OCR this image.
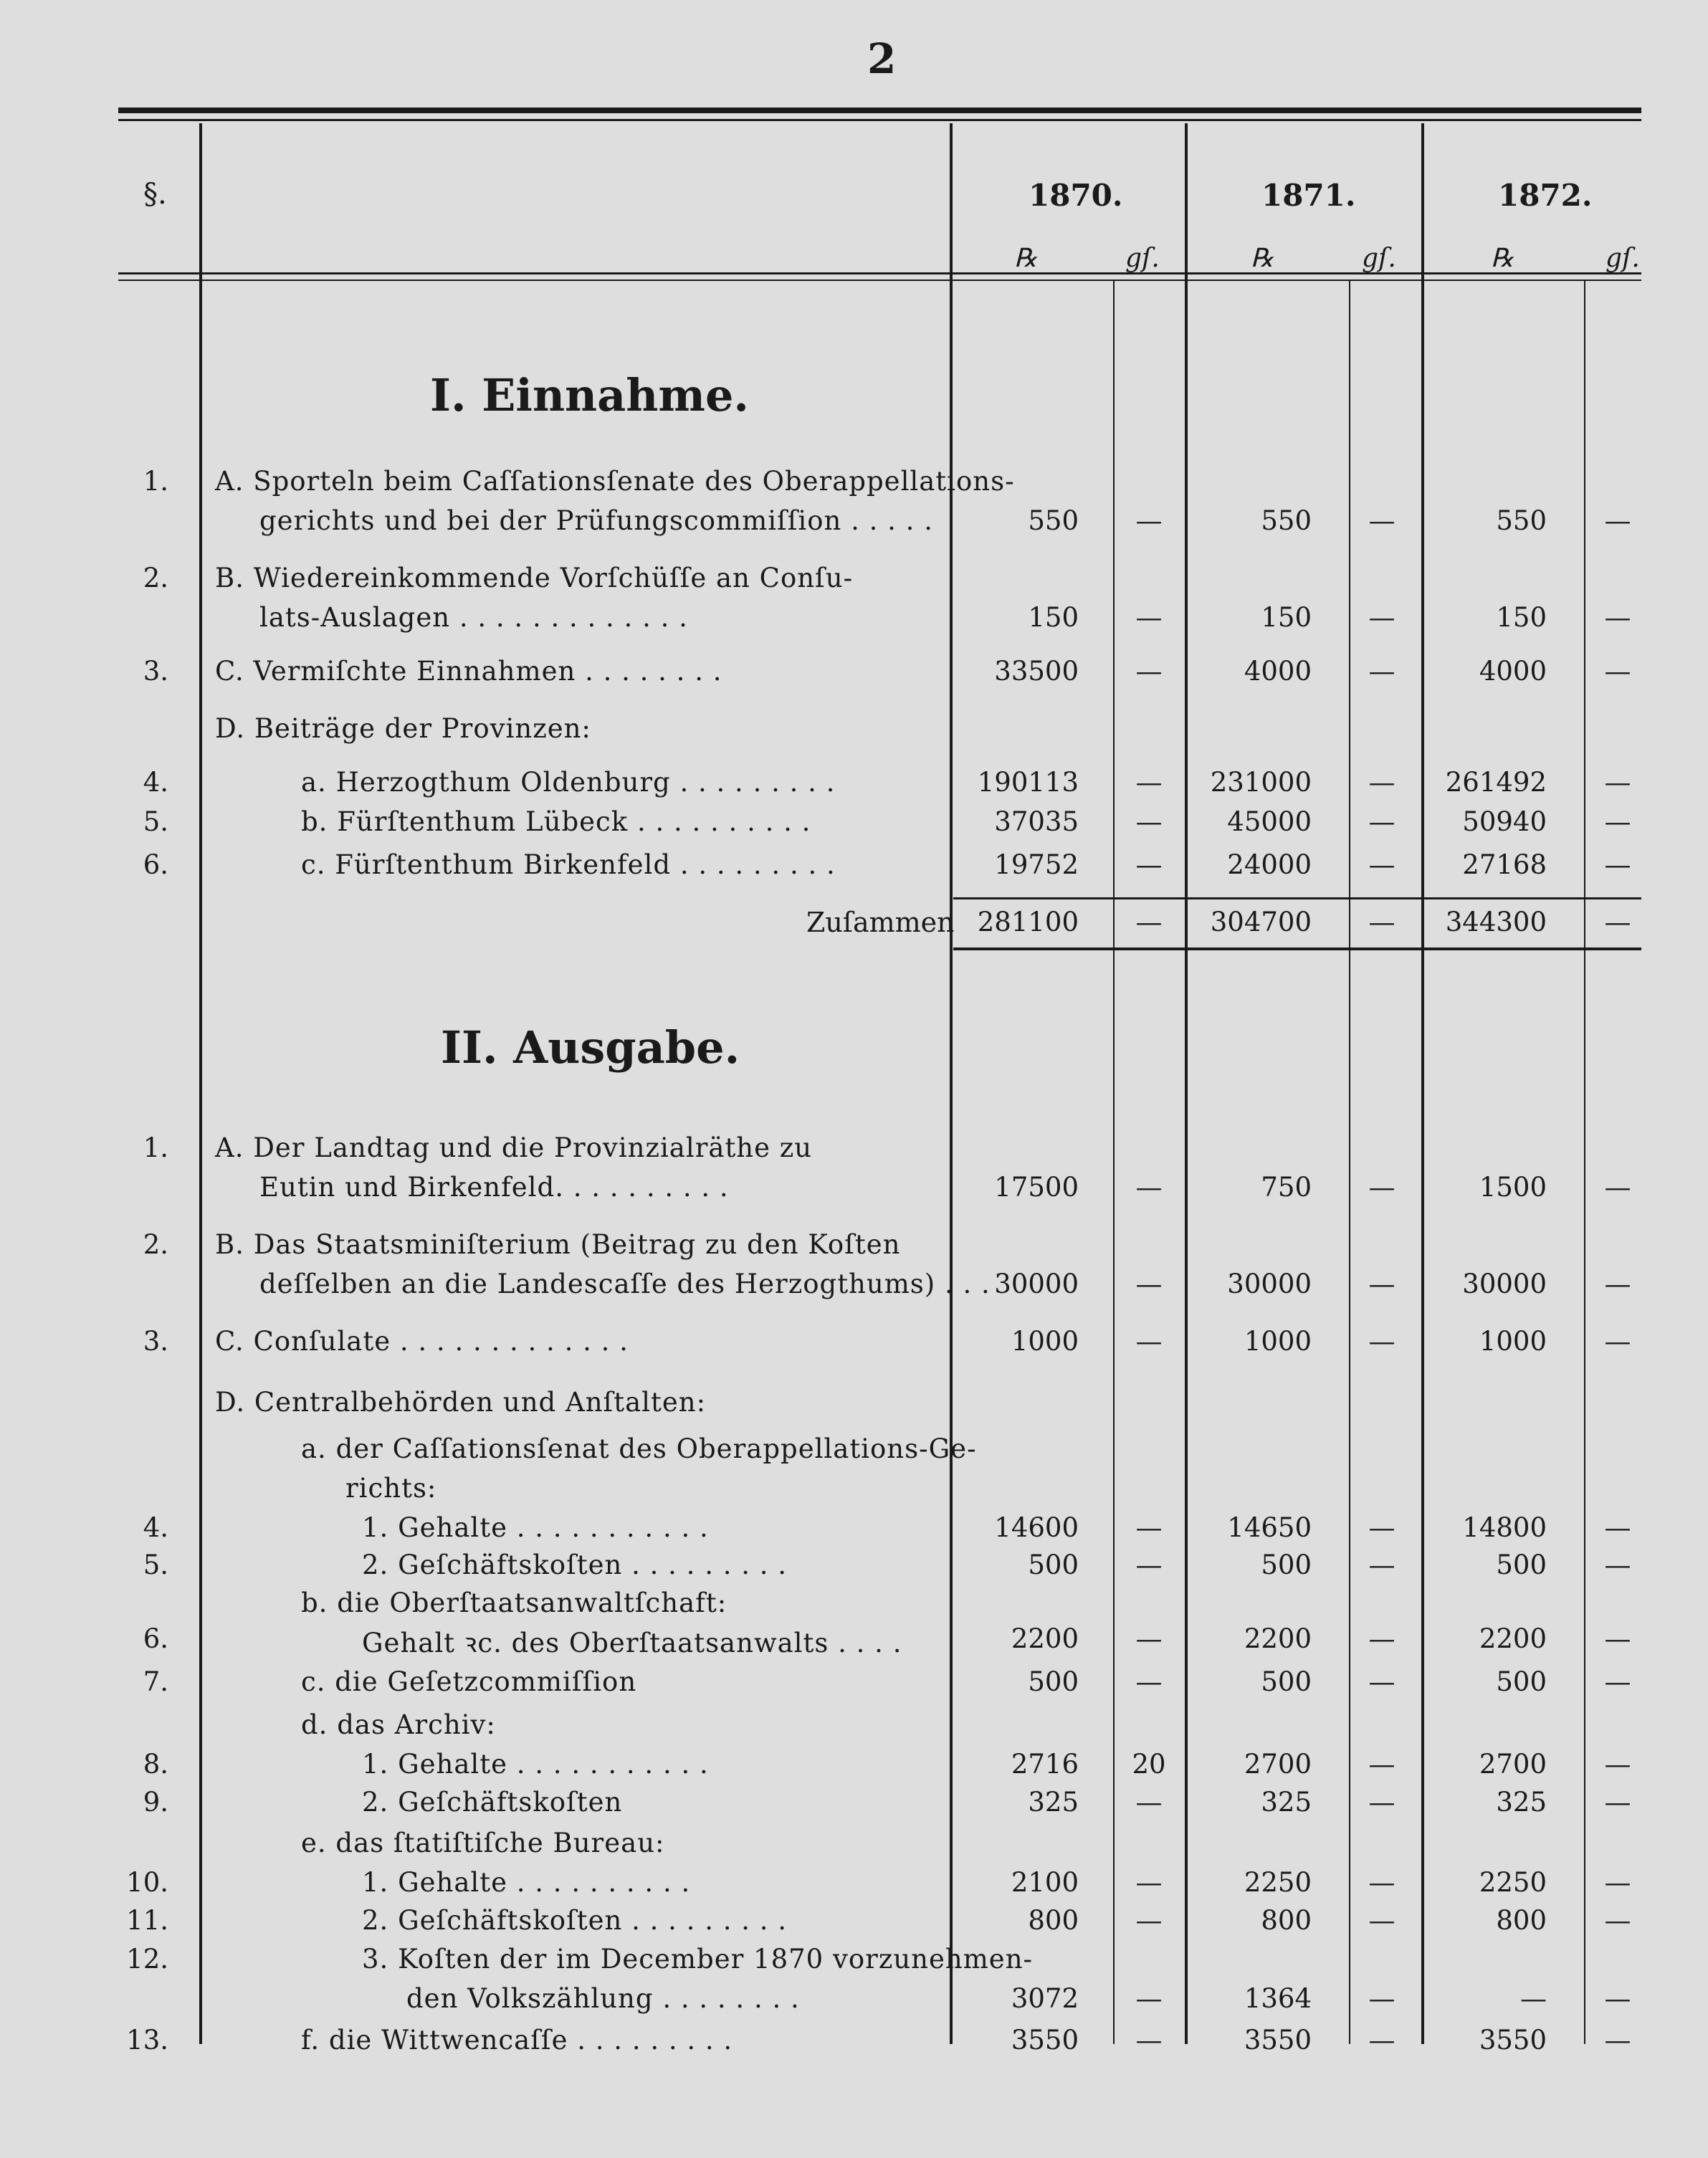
2
§.	1870.	1871.	1872.
℞	gſ.	℞	gſ.	℞	gſ.
I. Einnahme.
II. Ausgabe.
1. A. Sporteln beim Caſſationsſenate des Oberappellations-
gerichts und bei der Prüfungscommiſſion . . . . .	550	—	550	—	550	—
2. B. Wiedereinkommende Vorſchüſſe an Conſu-
lats-Auslagen . . . . . . . . . . . . .	150	—	150	—	150	—
3. C. Vermiſchte Einnahmen . . . . . . . .	33500	—	4000	—	4000	—
D. Beiträge der Provinzen:
4.	a. Herzogthum Oldenburg . . . . . . . . .	190113	—	231000	—	261492	—
5.	b. Fürſtenthum Lübeck . . . . . . . . . .	37035	—	45000	—	50940	—
6.	c. Fürſtenthum Birkenfeld . . . . . . . . .	19752	—	24000	—	27168	—
Zuſammen 281100	—	304700	—	344300	—
1. A. Der Landtag und die Provinzialräthe zu
Eutin und Birkenfeld. . . . . . . . . .	17500	—	750	—	1500	—
2. B. Das Staatsminiſterium (Beitrag zu den Koſten
deſſelben an die Landescaſſe des Herzogthums) . . . 30000	—	30000	—	30000	—
3. C. Conſulate . . . . . . . . . . . . .	1000	—	1000	—	1000	—
D. Centralbehörden und Anſtalten:
a. der Caſſationsſenat des Oberappellations-Ge-
richts:
4.	1. Gehalte . . . . . . . . . . .	14600	—	14650	—	14800	—
5.	2. Geſchäftskoſten . . . . . . . . .	500	—	500	—	500	—
b. die Oberſtaatsanwaltſchaft:
6.	Gehalt ꝛc. des Oberſtaatsanwalts . . . .	2200	—	2200	—	2200	—
7.	c. die Geſetzcommiſſion	500	—	500	—	500	—
d. das Archiv:
8.	1. Gehalte . . . . . . . . . . .	2716	20	2700	—	2700	—
9.	2. Geſchäftskoſten	325	—	325	—	325	—
e. das ſtatiſtiſche Bureau:
10.	1. Gehalte . . . . . . . . . .	2100	—	2250	—	2250	—
11.	2. Geſchäftskoſten . . . . . . . . .	800	—	800	—	800	—
12.	3. Koſten der im December 1870 vorzunehmen-
den Volkszählung . . . . . . . .	3072	—	1364	—	—	—
13.	f. die Wittwencaſſe . . . . . . . . .	3550	—	3550	—	3550	—
